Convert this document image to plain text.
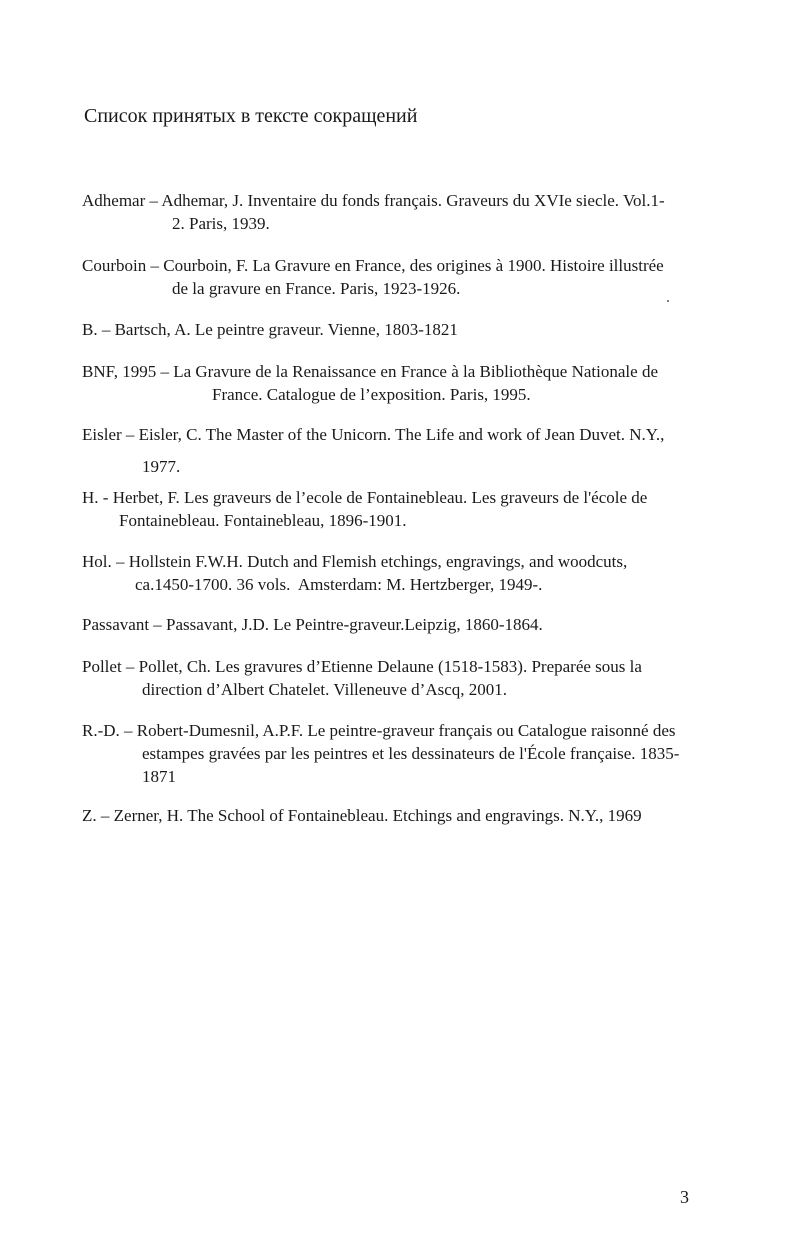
Список принятых в тексте сокращений
Adhemar – Adhemar, J. Inventaire du fonds français. Graveurs du XVIe siecle. Vol.1-
2. Paris, 1939.
Courboin – Courboin, F. La Gravure en France, des origines à 1900. Histoire illustrée
de la gravure en France. Paris, 1923-1926.
B. – Bartsch, A. Le peintre graveur. Vienne, 1803-1821
BNF, 1995 – La Gravure de la Renaissance en France à la Bibliothèque Nationale de
France. Catalogue de l’exposition. Paris, 1995.
Eisler – Eisler, C. The Master of the Unicorn. The Life and work of Jean Duvet. N.Y.,
1977.
H. - Herbet, F. Les graveurs de l’ecole de Fontainebleau. Les graveurs de l'école de
Fontainebleau. Fontainebleau, 1896-1901.
Hol. – Hollstein F.W.H. Dutch and Flemish etchings, engravings, and woodcuts,
ca.1450-1700. 36 vols.  Amsterdam: M. Hertzberger, 1949-.
Passavant – Passavant, J.D. Le Peintre-graveur.Leipzig, 1860-1864.
Pollet – Pollet, Ch. Les gravures d’Etienne Delaune (1518-1583). Preparée sous la
direction d’Albert Chatelet. Villeneuve d’Ascq, 2001.
R.-D. – Robert-Dumesnil, A.P.F. Le peintre-graveur français ou Catalogue raisonné des
estampes gravées par les peintres et les dessinateurs de l'École française. 1835-
1871
Z. – Zerner, H. The School of Fontainebleau. Etchings and engravings. N.Y., 1969
3
